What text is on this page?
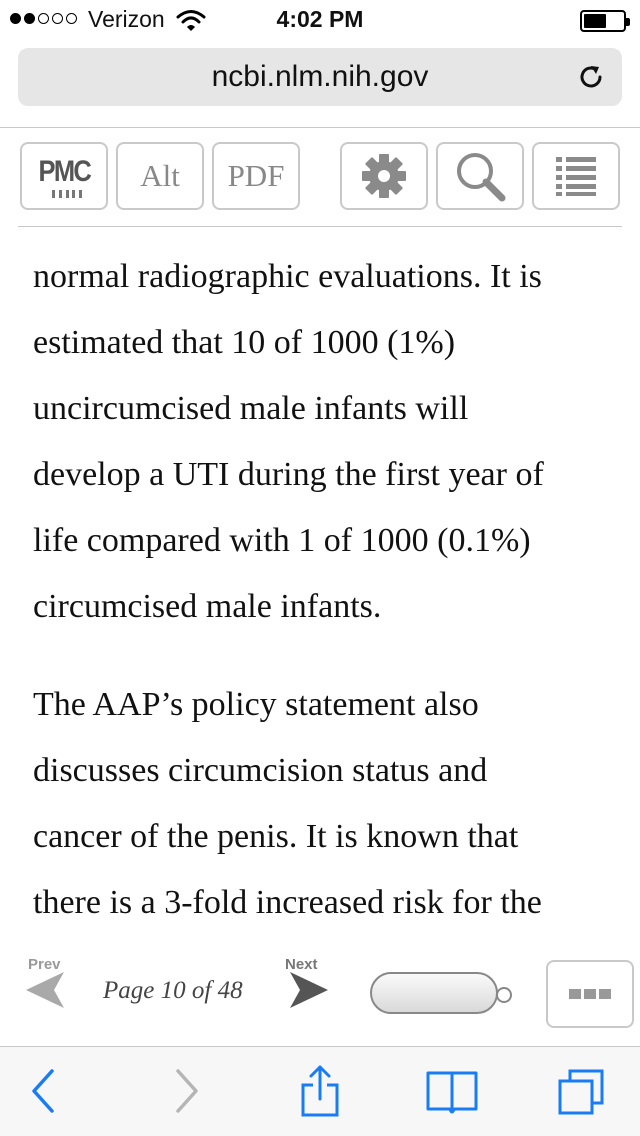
Verizon	4:02 PM
ncbi.nlm.nih.gov
PMC Alt PDF

normal radiographic evaluations. It is
estimated that 10 of 1000 (1%)
uncircumcised male infants will
develop a UTI during the first year of
life compared with 1 of 1000 (0.1%)
circumcised male infants.

The AAP’s policy statement also
discusses circumcision status and
cancer of the penis. It is known that
there is a 3-fold increased risk for the

Prev
Page 10 of 48
Next
